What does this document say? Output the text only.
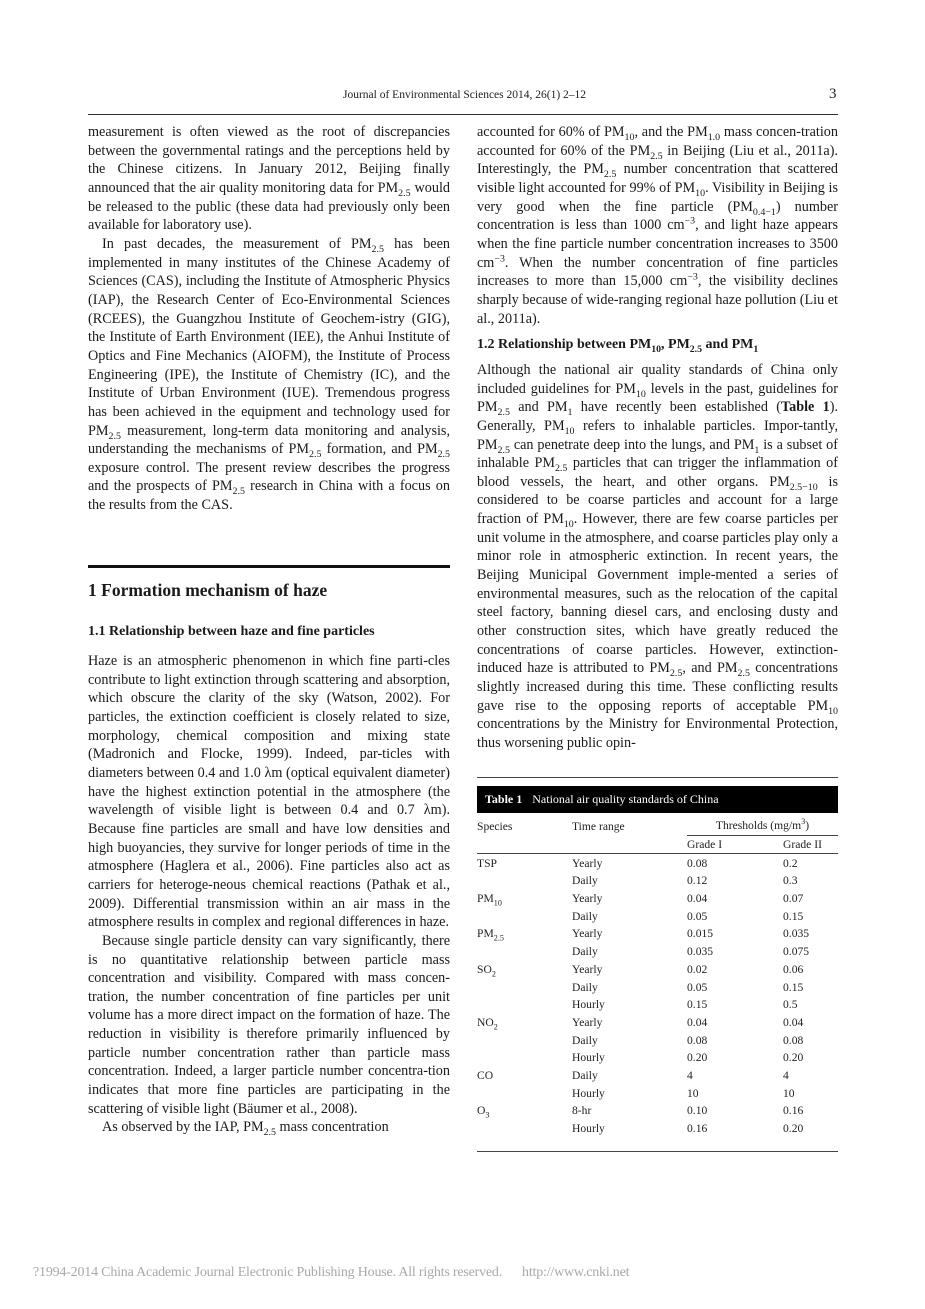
Journal of Environmental Sciences 2014, 26(1) 2–12	3

measurement is often viewed as the root of discrepancies between the governmental ratings and the perceptions held by the Chinese citizens. In January 2012, Beijing finally announced that the air quality monitoring data for $PM_{2.5}$ would be released to the public (these data had previously only been available for laboratory use).

In past decades, the measurement of $PM_{2.5}$ has been implemented in many institutes of the Chinese Academy of Sciences (CAS), including the Institute of Atmospheric Physics (IAP), the Research Center of Eco-Environmental Sciences (RCEES), the Guangzhou Institute of Geochem-istry (GIG), the Institute of Earth Environment (IEE), the Anhui Institute of Optics and Fine Mechanics (AIOFM), the Institute of Process Engineering (IPE), the Institute of Chemistry (IC), and the Institute of Urban Environment (IUE). Tremendous progress has been achieved in the equipment and technology used for $PM_{2.5}$ measurement, long-term data monitoring and analysis, understanding the mechanisms of $PM_{2.5}$ formation, and $PM_{2.5}$ exposure control. The present review describes the progress and the prospects of $PM_{2.5}$ research in China with a focus on the results from the CAS.

1 Formation mechanism of haze
1.1 Relationship between haze and fine particles

Haze is an atmospheric phenomenon in which fine parti-cles contribute to light extinction through scattering and absorption, which obscure the clarity of the sky (Watson, 2002). For particles, the extinction coefficient is closely related to size, morphology, chemical composition and mixing state (Madronich and Flocke, 1999). Indeed, par-ticles with diameters between 0.4 and 1.0 λm (optical equivalent diameter) have the highest extinction potential in the atmosphere (the wavelength of visible light is between 0.4 and 0.7 λm). Because fine particles are small and have low densities and high buoyancies, they survive for longer periods of time in the atmosphere (Haglera et al., 2006). Fine particles also act as carriers for heteroge-neous chemical reactions (Pathak et al., 2009). Differential transmission within an air mass in the atmosphere results in complex and regional differences in haze.

Because single particle density can vary significantly, there is no quantitative relationship between particle mass concentration and visibility. Compared with mass concen-tration, the number concentration of fine particles per unit volume has a more direct impact on the formation of haze. The reduction in visibility is therefore primarily influenced by particle number concentration rather than particle mass concentration. Indeed, a larger particle number concentra-tion indicates that more fine particles are participating in the scattering of visible light (Bäumer et al., 2008).

As observed by the IAP, $PM_{2.5}$ mass concentration

accounted for 60% of $PM_{10}$, and the $PM_{1.0}$ mass concen-tration accounted for 60% of the $PM_{2.5}$ in Beijing (Liu et al., 2011a). Interestingly, the $PM_{2.5}$ number concentration that scattered visible light accounted for 99% of $PM_{10}$. Visibility in Beijing is very good when the fine particle $(PM_{0.4-1})$ number concentration is less than 1000 $cm^{-3}$, and light haze appears when the fine particle number concentration increases to 3500 $cm^{-3}$. When the number concentration of fine particles increases to more than 15,000 $cm^{-3}$, the visibility declines sharply because of wide-ranging regional haze pollution (Liu et al., 2011a).

1.2 Relationship between $PM_{10}$, $PM_{2.5}$ and $PM_1$

Although the national air quality standards of China only included guidelines for $PM_{10}$ levels in the past, guidelines for $PM_{2.5}$ and $PM_1$ have recently been established (Table 1). Generally, $PM_{10}$ refers to inhalable particles. Impor-tantly, $PM_{2.5}$ can penetrate deep into the lungs, and $PM_1$ is a subset of inhalable $PM_{2.5}$ particles that can trigger the inflammation of blood vessels, the heart, and other organs. $PM_{2.5-10}$ is considered to be coarse particles and account for a large fraction of $PM_{10}$. However, there are few coarse particles per unit volume in the atmosphere, and coarse particles play only a minor role in atmospheric extinction. In recent years, the Beijing Municipal Government imple-mented a series of environmental measures, such as the relocation of the capital steel factory, banning diesel cars, and enclosing dusty and other construction sites, which have greatly reduced the concentrations of coarse particles. However, extinction-induced haze is attributed to $PM_{2.5}$, and $PM_{2.5}$ concentrations slightly increased during this time. These conflicting results gave rise to the opposing reports of acceptable $PM_{10}$ concentrations by the Ministry for Environmental Protection, thus worsening public opin-

Table 1 National air quality standards of China
Species	Time range	Thresholds $(mg/m^3)$	
		Grade I	Grade II
TSP	Yearly	0.08	0.2
	Daily	0.12	0.3
$PM_{10}$	Yearly	0.04	0.07
	Daily	0.05	0.15
$PM_{2.5}$	Yearly	0.015	0.035
	Daily	0.035	0.075
$SO_2$	Yearly	0.02	0.06
	Daily	0.05	0.15
	Hourly	0.15	0.5
$NO_2$	Yearly	0.04	0.04
	Daily	0.08	0.08
	Hourly	0.20	0.20
CO	Daily	4	4
	Hourly	10	10
$O_3$	8-hr	0.10	0.16
	Hourly	0.16	0.20
?1994-2014 China Academic Journal Electronic Publishing House. All rights reserved. http://www.cnki.net
